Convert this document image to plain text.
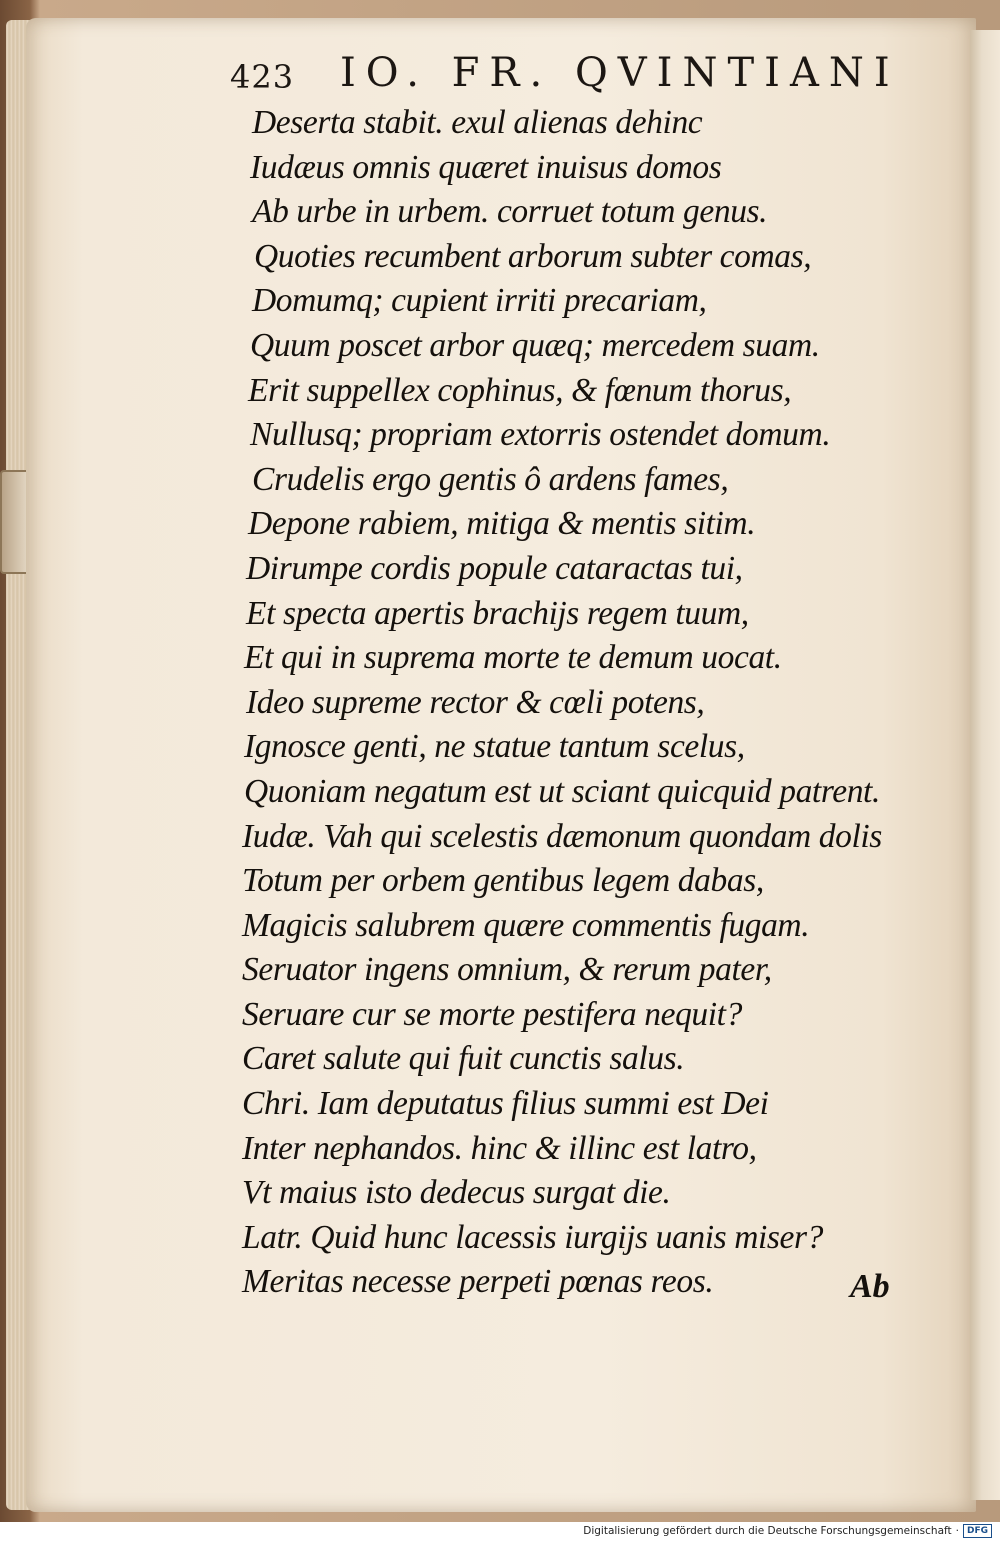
423 IO. FR. QVINTIANI
Deserta stabit. exul alienas dehinc
Iudæus omnis quæret inuisus domos
Ab urbe in urbem. corruet totum genus.
Quoties recumbent arborum subter comas,
Domumq; cupient irriti precariam,
Quum poscet arbor quæq; mercedem suam.
Erit suppellex cophinus, & fœnum thorus,
Nullusq; propriam extorris ostendet domum.
Crudelis ergo gentis ô ardens fames,
Depone rabiem, mitiga & mentis sitim.
Dirumpe cordis popule cataractas tui,
Et specta apertis brachijs regem tuum,
Et qui in suprema morte te demum uocat.
Ideo supreme rector & cœli potens,
Ignosce genti, ne statue tantum scelus,
Quoniam negatum est ut sciant quicquid patrent.
Iudæ. Vah qui scelestis dæmonum quondam dolis
Totum per orbem gentibus legem dabas,
Magicis salubrem quære commentis fugam.
Seruator ingens omnium, & rerum pater,
Seruare cur se morte pestifera nequit?
Caret salute qui fuit cunctis salus.
Chri. Iam deputatus filius summi est Dei
Inter nephandos. hinc & illinc est latro,
Vt maius isto dedecus surgat die.
Latr. Quid hunc lacessis iurgijs uanis miser?
Meritas necesse perpeti pœnas reos.	Ab
Digitalisierung gefördert durch die Deutsche Forschungsgemeinschaft · DFG
